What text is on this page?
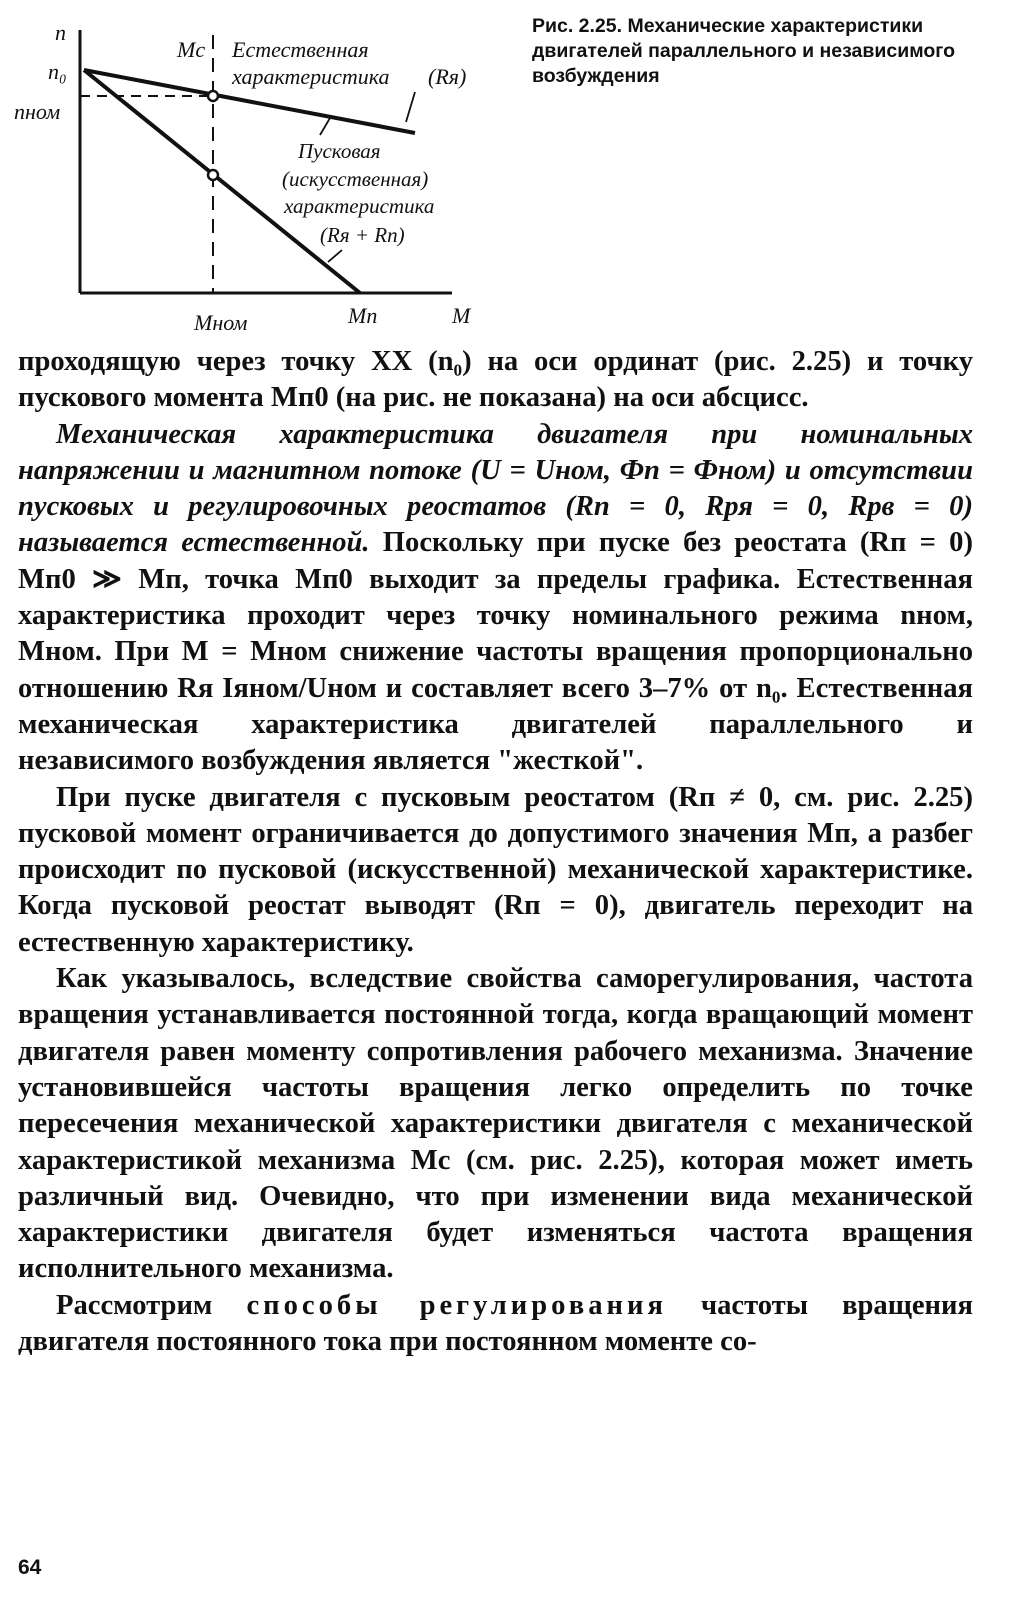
n
n₀
nном
Mc Естественная
характеристика (Rя)
Пусковая
(искусственная)
характеристика
(Rя + Rп)
Mном	Mп	M

Рис. 2.25. Механические характеристики двигателей параллельного и независимого возбуждения

проходящую через точку XX (n₀) на оси ординат (рис. 2.25) и точку пускового момента Mп0 (на рис. не показана) на оси абсцисс.

Механическая характеристика двигателя при номинальных напряжении и магнитном потоке (U = Uном, Фп = Фном) и отсутствии пусковых и регулировочных реостатов (Rп = 0, Rря = 0, Rрв = 0) называется естественной. Поскольку при пуске без реостата (Rп = 0) Mп0 ≫ Mп, точка Mп0 выходит за пределы графика. Естественная характеристика проходит через точку номинального режима nном, Mном. При M = Mном снижение частоты вращения пропорционально отношению Rя Iяном/Uном и составляет всего 3–7% от n₀. Естественная механическая характеристика двигателей параллельного и независимого возбуждения является "жесткой".

При пуске двигателя с пусковым реостатом (Rп ≠ 0, см. рис. 2.25) пусковой момент ограничивается до допустимого значения Mп, а разбег происходит по пусковой (искусственной) механической характеристике. Когда пусковой реостат выводят (Rп = 0), двигатель переходит на естественную характеристику.

Как указывалось, вследствие свойства саморегулирования, частота вращения устанавливается постоянной тогда, когда вращающий момент двигателя равен моменту сопротивления рабочего механизма. Значение установившейся частоты вращения легко определить по точке пересечения механической характеристики двигателя с механической характеристикой механизма Mc (см. рис. 2.25), которая может иметь различный вид. Очевидно, что при изменении вида механической характеристики двигателя будет изменяться частота вращения исполнительного механизма.

Рассмотрим способы регулирования частоты вращения двигателя постоянного тока при постоянном моменте со-

64
